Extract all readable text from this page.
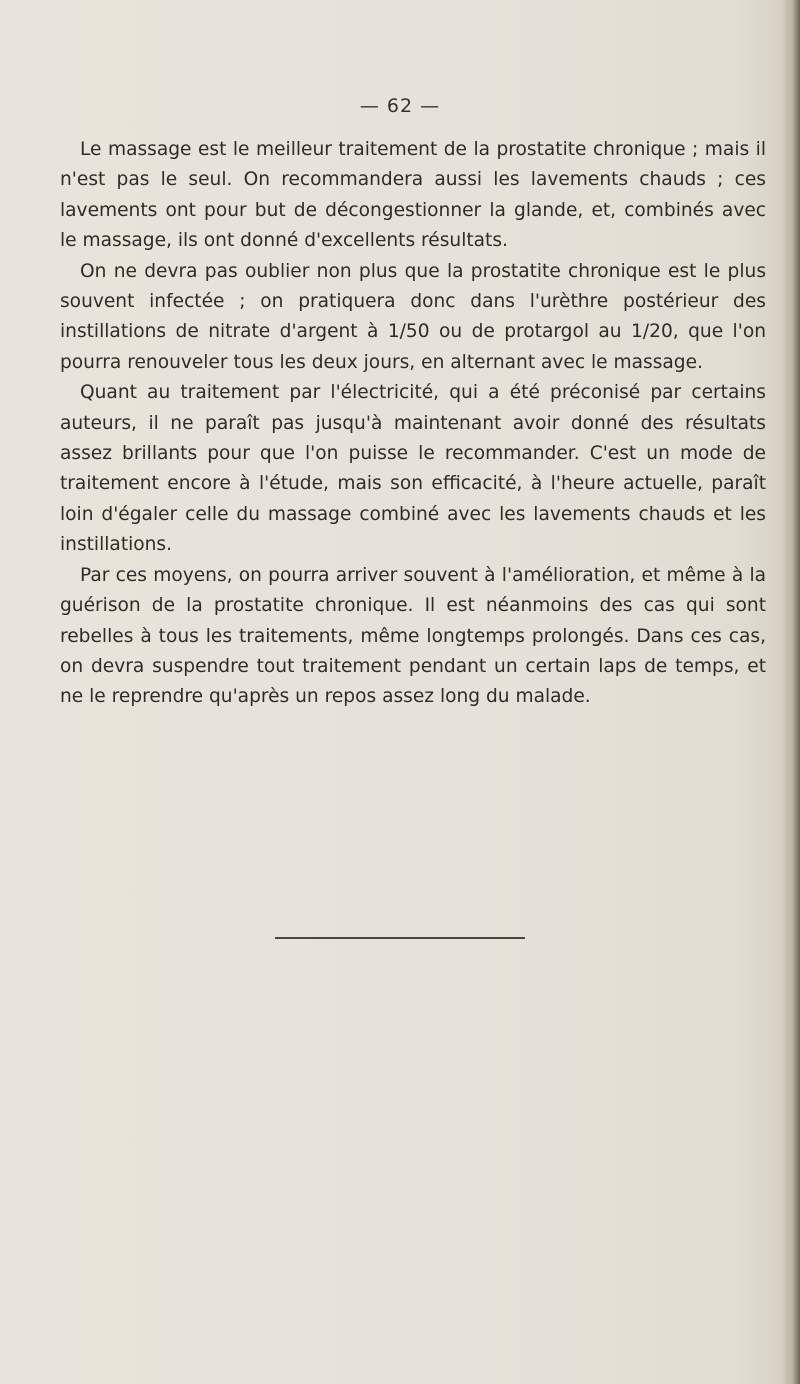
— 62 —

Le massage est le meilleur traitement de la prostatite chronique ; mais il n'est pas le seul. On recommandera aussi les lavements chauds ; ces lavements ont pour but de décongestionner la glande, et, combinés avec le massage, ils ont donné d'excellents résultats.

On ne devra pas oublier non plus que la prostatite chronique est le plus souvent infectée ; on pratiquera donc dans l'urèthre postérieur des instillations de nitrate d'argent à 1/50 ou de protargol au 1/20, que l'on pourra renouveler tous les deux jours, en alternant avec le massage.

Quant au traitement par l'électricité, qui a été préconisé par certains auteurs, il ne paraît pas jusqu'à maintenant avoir donné des résultats assez brillants pour que l'on puisse le recommander. C'est un mode de traitement encore à l'étude, mais son efficacité, à l'heure actuelle, paraît loin d'égaler celle du massage combiné avec les lavements chauds et les instillations.

Par ces moyens, on pourra arriver souvent à l'amélioration, et même à la guérison de la prostatite chronique. Il est néanmoins des cas qui sont rebelles à tous les traitements, même longtemps prolongés. Dans ces cas, on devra suspendre tout traitement pendant un certain laps de temps, et ne le reprendre qu'après un repos assez long du malade.
